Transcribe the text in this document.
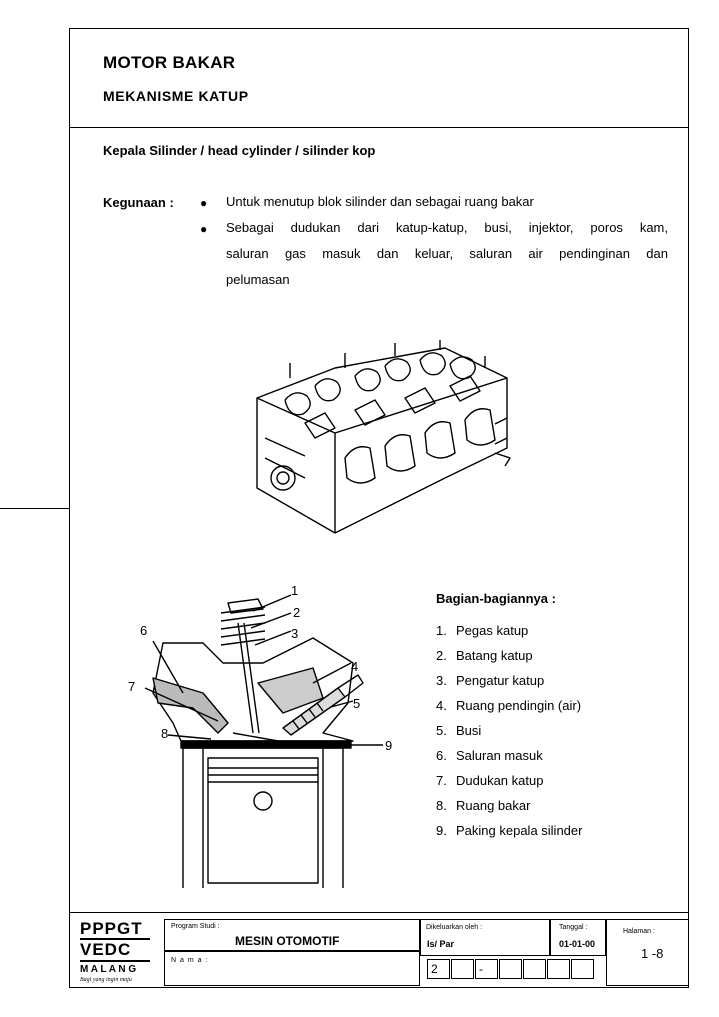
MOTOR BAKAR
MEKANISME KATUP
Kepala Silinder / head cylinder / silinder kop
Kegunaan : ● Untuk menutup blok silinder dan sebagai ruang bakar
● Sebagai dudukan dari katup-katup, busi, injektor, poros kam,
saluran gas masuk dan keluar, saluran air pendinginan dan
pelumasan
1
2
3
4
5
6
7
8
9
Bagian-bagiannya :
1. Pegas katup
2. Batang katup
3. Pengatur katup
4. Ruang pendingin (air)
5. Busi
6. Saluran masuk
7. Dudukan katup
8. Ruang bakar
9. Paking kepala silinder
PPPGT
VEDC
M A L A N G
Bagi yang ingin maju
Program Studi :
MESIN OTOMOTIF
N a m a :
Dikeluarkan oleh :
Is/ Par
Tanggal :
01-01-00
Halaman :
1 -8
2	-
